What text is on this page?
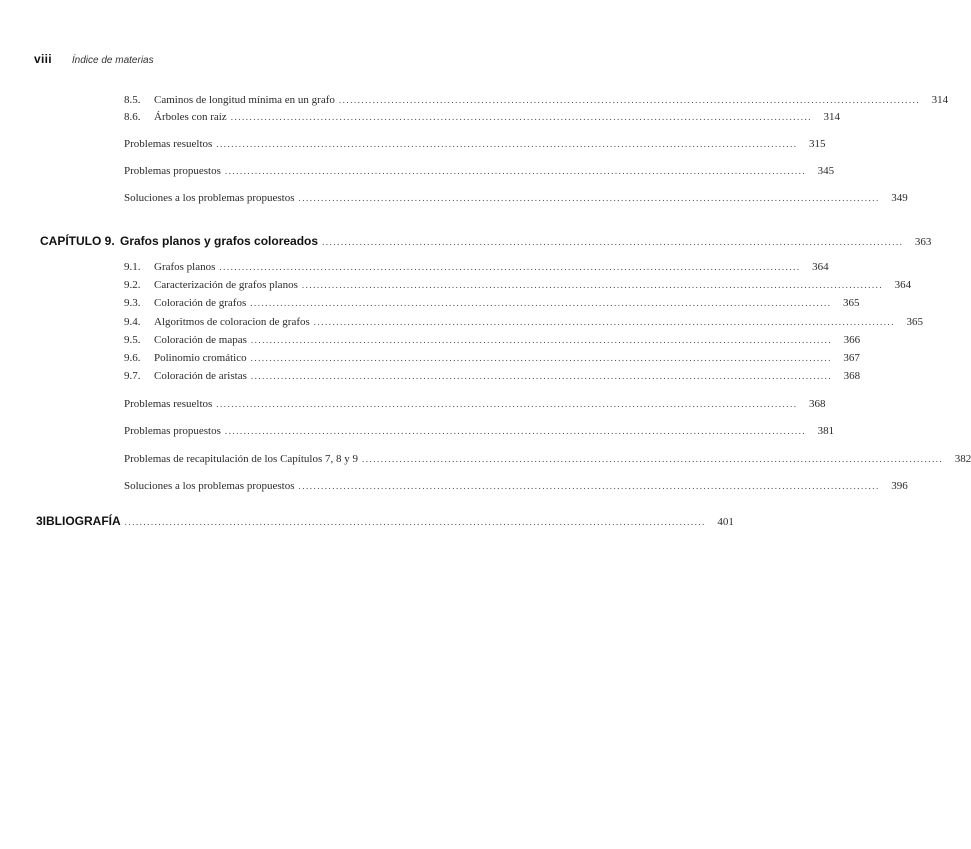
viii Índice de materias
8.5.	Caminos de longitud mínima en un grafo ...........................................................................................................................................................	314
8.6.	Árboles con raíz ...........................................................................................................................................................	314
Problemas resueltos ...........................................................................................................................................................	315
Problemas propuestos ...........................................................................................................................................................	345
Soluciones a los problemas propuestos ...........................................................................................................................................................	349
CAPÍTULO 9. Grafos planos y grafos coloreados ...........................................................................................................................................................	363
9.1.	Grafos planos ...........................................................................................................................................................	364
9.2.	Caracterización de grafos planos ...........................................................................................................................................................	364
9.3.	Coloración de grafos ...........................................................................................................................................................	365
9.4.	Algoritmos de coloracion de grafos ...........................................................................................................................................................	365
9.5.	Coloración de mapas ...........................................................................................................................................................	366
9.6.	Polinomio cromático ...........................................................................................................................................................	367
9.7.	Coloración de aristas ...........................................................................................................................................................	368
Problemas resueltos ...........................................................................................................................................................	368
Problemas propuestos ...........................................................................................................................................................	381
Problemas de recapitulación de los Capítulos 7, 8 y 9 ...........................................................................................................................................................	382
Soluciones a los problemas propuestos ...........................................................................................................................................................	396
3IBLIOGRAFÍA ...........................................................................................................................................................	401
